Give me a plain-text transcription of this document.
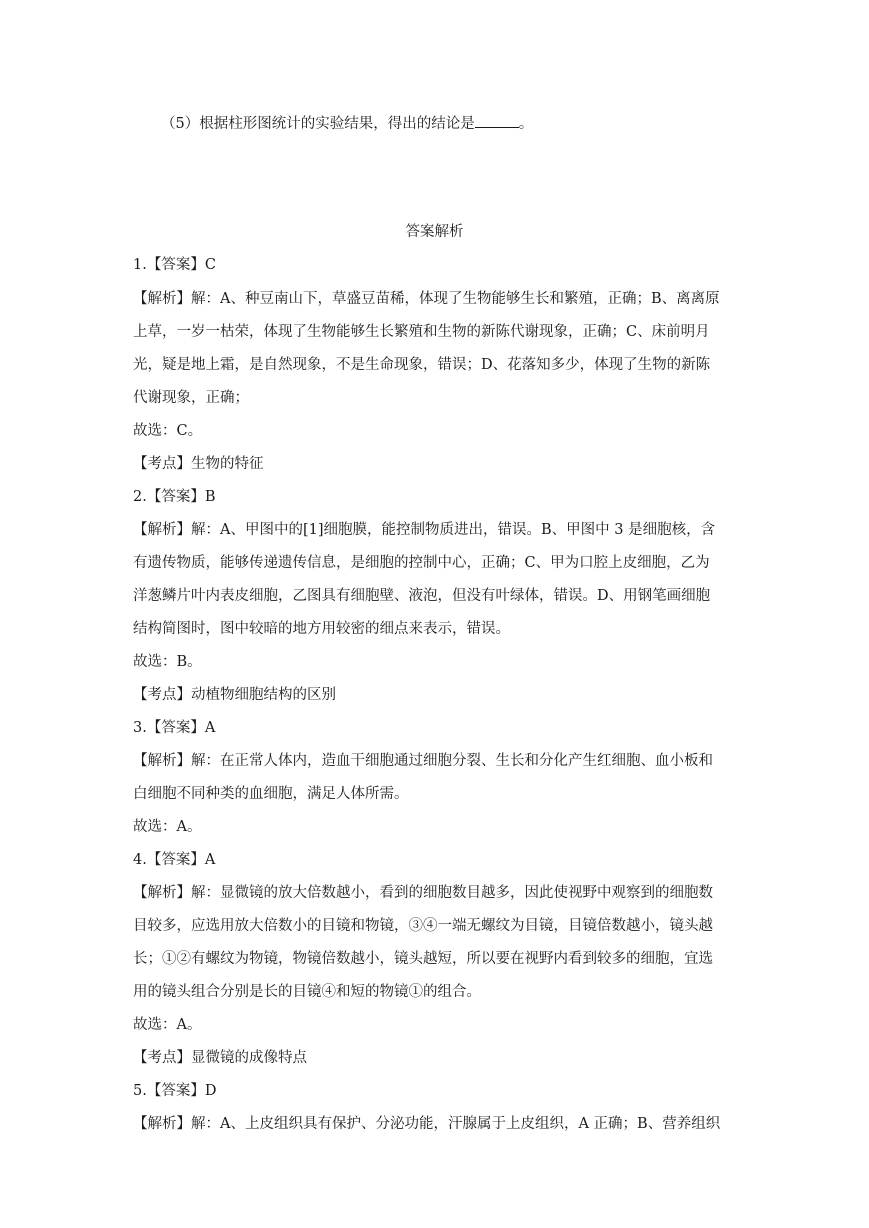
（5）根据柱形图统计的实验结果，得出的结论是	。
答案解析
1.【答案】C
【解析】解：A、种豆南山下，草盛豆苗稀，体现了生物能够生长和繁殖，正确；B、离离原
上草，一岁一枯荣，体现了生物能够生长繁殖和生物的新陈代谢现象，正确；C、床前明月
光，疑是地上霜，是自然现象，不是生命现象，错误；D、花落知多少，体现了生物的新陈
代谢现象，正确；
故选：C。
【考点】生物的特征
2.【答案】B
【解析】解：A、甲图中的[1]细胞膜，能控制物质进出，错误。B、甲图中 3 是细胞核，含
有遗传物质，能够传递遗传信息，是细胞的控制中心，正确；C、甲为口腔上皮细胞，乙为
洋葱鳞片叶内表皮细胞，乙图具有细胞壁、液泡，但没有叶绿体，错误。D、用钢笔画细胞
结构简图时，图中较暗的地方用较密的细点来表示，错误。
故选：B。
【考点】动植物细胞结构的区别
3.【答案】A
【解析】解：在正常人体内，造血干细胞通过细胞分裂、生长和分化产生红细胞、血小板和
白细胞不同种类的血细胞，满足人体所需。
故选：A。
4.【答案】A
【解析】解：显微镜的放大倍数越小，看到的细胞数目越多，因此使视野中观察到的细胞数
目较多，应选用放大倍数小的目镜和物镜，③④一端无螺纹为目镜，目镜倍数越小，镜头越
长；①②有螺纹为物镜，物镜倍数越小，镜头越短，所以要在视野内看到较多的细胞，宜选
用的镜头组合分别是长的目镜④和短的物镜①的组合。
故选：A。
【考点】显微镜的成像特点
5.【答案】D
【解析】解：A、上皮组织具有保护、分泌功能，汗腺属于上皮组织，A 正确；B、营养组织
